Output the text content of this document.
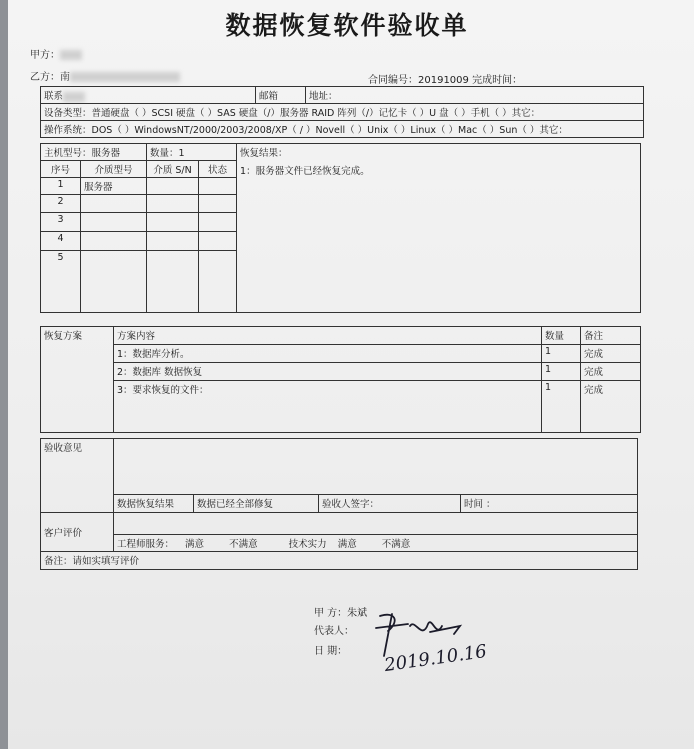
数据恢复软件验收单
甲方：
乙方：南	合同编号：20191009 完成时间：
联系	邮箱	地址：
设备类型：普通硬盘（ ）SCSI 硬盘（ ）SAS 硬盘（/）服务器 RAID 阵列（/）记忆卡（ ）U 盘（ ）手机（ ）其它：
操作系统：DOS（ ）WindowsNT/2000/2003/2008/XP（ / ）Novell（ ）Unix（ ）Linux（ ）Mac（ ）Sun（ ）其它：
主机型号：服务器		数量：1		恢复结果：
1：服务器文件已经恢复完成。

序号	介质型号	介质 S/N	状态	
1	服务器			
2				
3				
4				
5				
恢复方案	方案内容	数量	备注
	1：数据库分析。	1	完成
	2：数据库 数据恢复	1	完成
	3：要求恢复的文件：	1	完成
验收意见				
	数据恢复结果	数据已经全部修复	验收人签字：	时间 ：
客户评价				
	工程师服务： 满意 不满意 技术实力 满意 不满意			
备注：请如实填写评价				
甲 方：朱斌
代表人：
日 期： 2019.10.16
